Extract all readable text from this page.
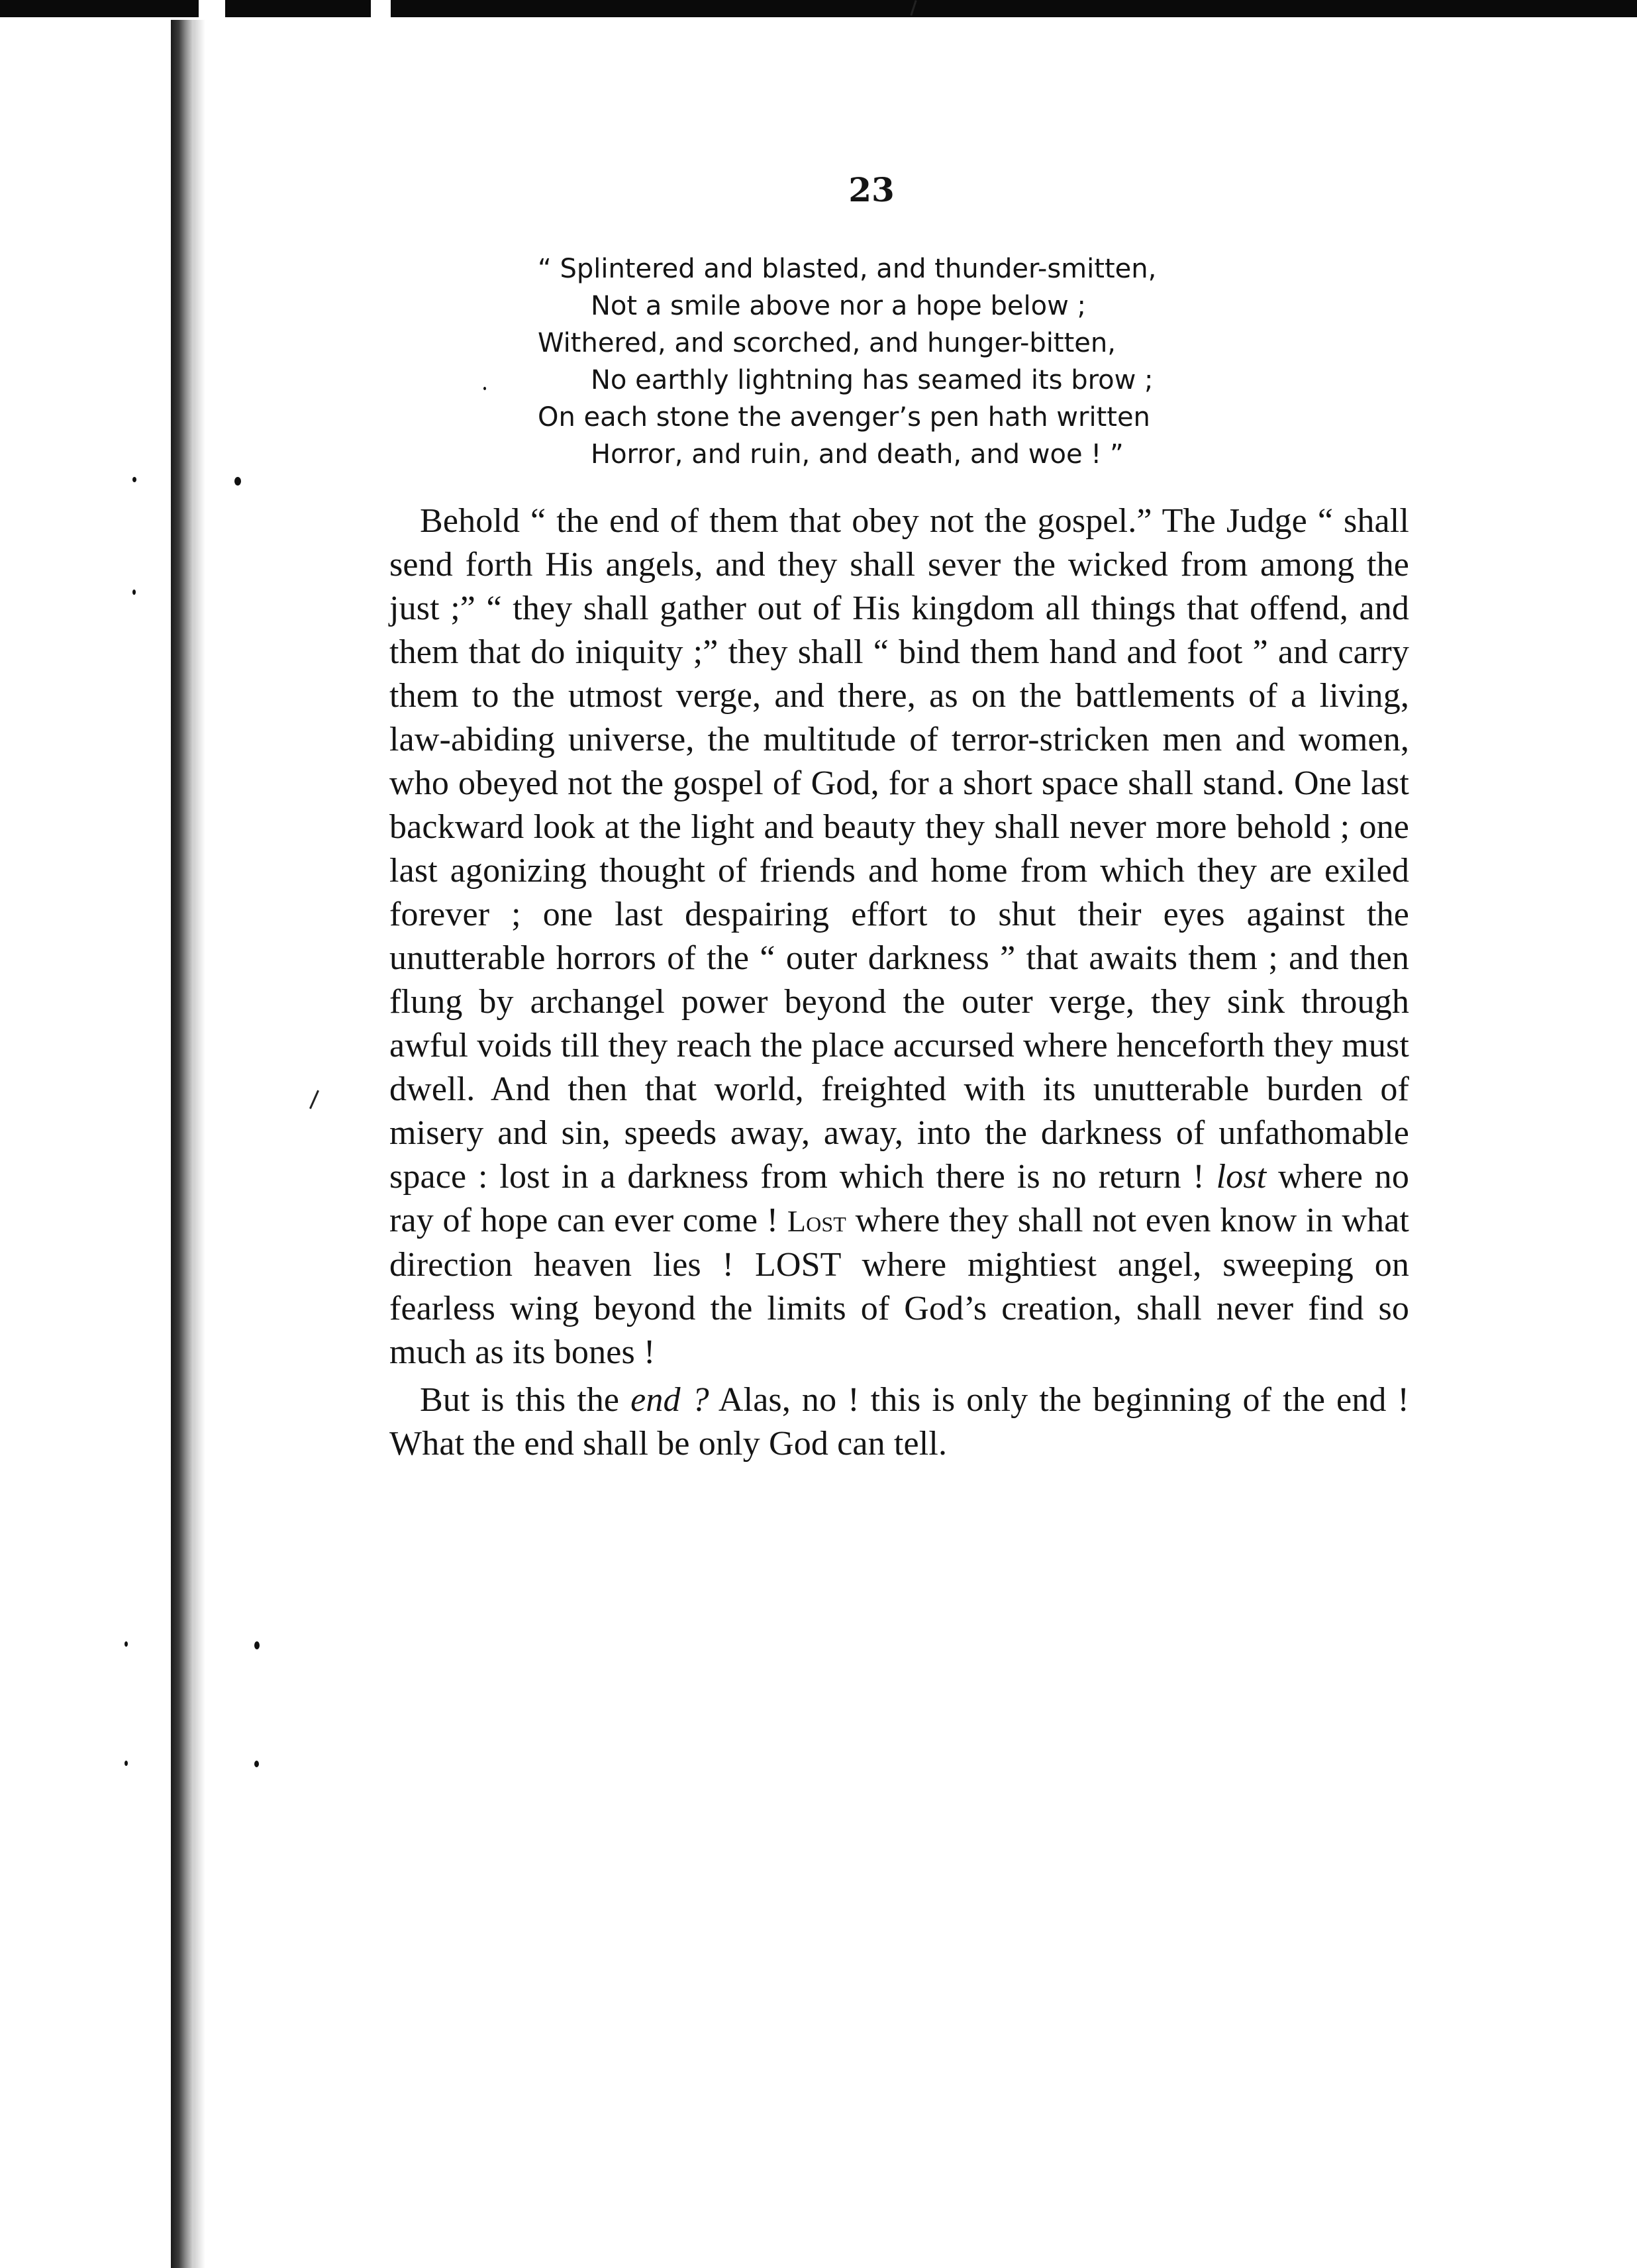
23
“ Splintered and blasted, and thunder-smitten,
Not a smile above nor a hope below ;
Withered, and scorched, and hunger-bitten,
No earthly lightning has seamed its brow ;
On each stone the avenger’s pen hath written
Horror, and ruin, and death, and woe ! ”

Behold “ the end of them that obey not the gospel.” The Judge “ shall send forth His angels, and they shall sever the wicked from among the just ;” “ they shall gather out of His kingdom all things that offend, and them that do iniquity ;” they shall “ bind them hand and foot ” and carry them to the utmost verge, and there, as on the battlements of a living, law-abiding universe, the multitude of terror-stricken men and women, who obeyed not the gospel of God, for a short space shall stand. One last backward look at the light and beauty they shall never more behold ; one last agonizing thought of friends and home from which they are exiled forever ; one last despairing effort to shut their eyes against the unutterable horrors of the “ outer darkness ” that awaits them ; and then flung by archangel power beyond the outer verge, they sink through awful voids till they reach the place accursed where henceforth they must dwell. And then that world, freighted with its unutterable burden of misery and sin, speeds away, away, into the darkness of unfathomable space : lost in a darkness from which there is no return ! lost where no ray of hope can ever come ! Lost where they shall not even know in what direction heaven lies ! LOST where mightiest angel, sweeping on fearless wing beyond the limits of God’s creation, shall never find so much as its bones !

But is this the end ? Alas, no ! this is only the beginning of the end ! What the end shall be only God can tell.
